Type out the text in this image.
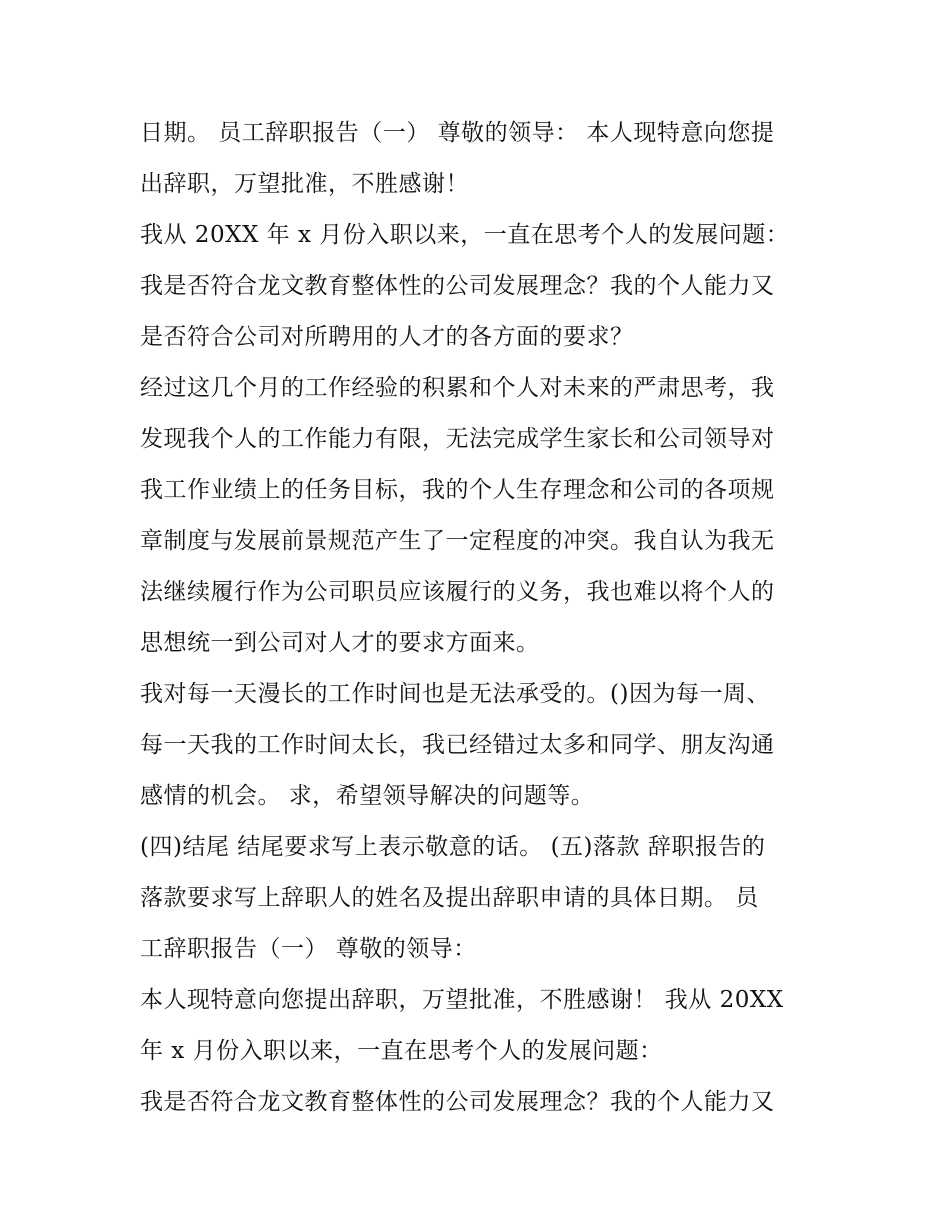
日期。 员工辞职报告（一） 尊敬的领导： 本人现特意向您提
出辞职，万望批准，不胜感谢！
我从 20XX 年 x 月份入职以来，一直在思考个人的发展问题：
我是否符合龙文教育整体性的公司发展理念？我的个人能力又
是否符合公司对所聘用的人才的各方面的要求？
经过这几个月的工作经验的积累和个人对未来的严肃思考，我
发现我个人的工作能力有限，无法完成学生家长和公司领导对
我工作业绩上的任务目标，我的个人生存理念和公司的各项规
章制度与发展前景规范产生了一定程度的冲突。我自认为我无
法继续履行作为公司职员应该履行的义务，我也难以将个人的
思想统一到公司对人才的要求方面来。
我对每一天漫长的工作时间也是无法承受的。()因为每一周、
每一天我的工作时间太长，我已经错过太多和同学、朋友沟通
感情的机会。 求，希望领导解决的问题等。
(四)结尾 结尾要求写上表示敬意的话。 (五)落款 辞职报告的
落款要求写上辞职人的姓名及提出辞职申请的具体日期。 员
工辞职报告（一） 尊敬的领导：
本人现特意向您提出辞职，万望批准，不胜感谢！ 我从 20XX
年 x 月份入职以来，一直在思考个人的发展问题：
我是否符合龙文教育整体性的公司发展理念？我的个人能力又
